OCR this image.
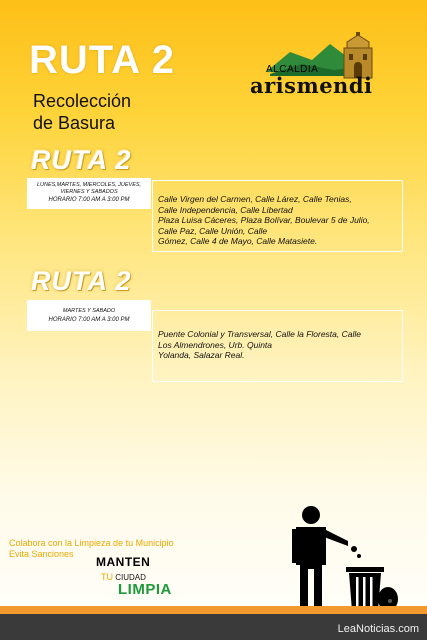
RUTA 2
Recolección
de Basura
ALCALDIA
arismendi
RUTA 2
LUNES,MARTES, MIERCOLES, JUEVES, VIERNES Y SABADOS
HORARIO 7:00 AM A 3:00 PM	Calle Virgen del Carmen, Calle Lárez, Calle Tenias,
Calle Independencia, Calle Libertad
Plaza Luisa Cáceres, Plaza Bolívar, Boulevar 5 de Julio,
Calle Paz, Calle Unión, Calle
Gómez, Calle 4 de Mayo, Calle Matasiete.
RUTA 2
MARTES Y SABADO
HORARIO 7:00 AM A 3:00 PM
Puente Colonial y Transversal, Calle la Floresta, Calle
Los Almendrones, Urb. Quinta
Yolanda, Salazar Real.
Colabora con la Limpieza de tu Municipio
Evita Sanciones
MANTEN
TU CIUDAD
LIMPIA
LeaNoticias.com
